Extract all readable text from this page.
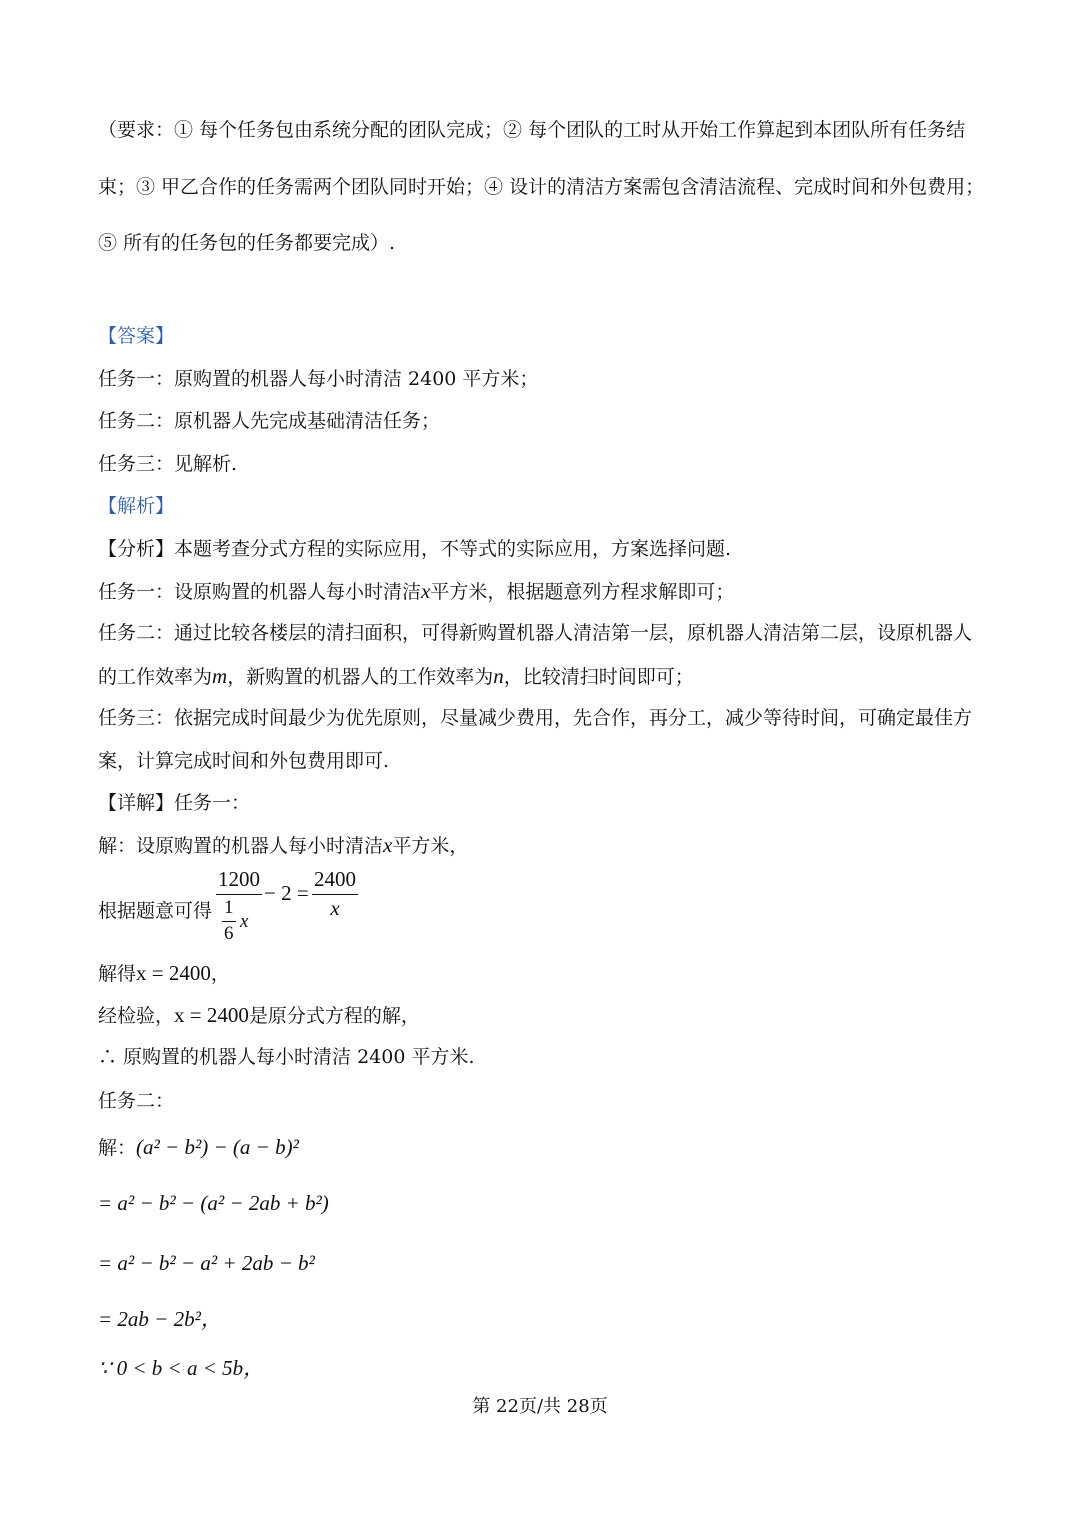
（要求：① 每个任务包由系统分配的团队完成；② 每个团队的工时从开始工作算起到本团队所有任务结
束；③ 甲乙合作的任务需两个团队同时开始；④ 设计的清洁方案需包含清洁流程、完成时间和外包费用；
⑤ 所有的任务包的任务都要完成）.
【答案】
任务一：原购置的机器人每小时清洁 2400 平方米；
任务二：原机器人先完成基础清洁任务；
任务三：见解析.
【解析】
【分析】本题考查分式方程的实际应用，不等式的实际应用，方案选择问题.
任务一：设原购置的机器人每小时清洁x平方米，根据题意列方程求解即可；
任务二：通过比较各楼层的清扫面积，可得新购置机器人清洁第一层，原机器人清洁第二层，设原机器人
的工作效率为m，新购置的机器人的工作效率为n，比较清扫时间即可；
任务三：依据完成时间最少为优先原则，尽量减少费用，先合作，再分工，减少等待时间，可确定最佳方
案，计算完成时间和外包费用即可.
【详解】任务一：
解：设原购置的机器人每小时清洁x平方米，
根据题意可得
1200
1
6
x
− 2 =
2400
x
解得x = 2400，
经检验，x = 2400是原分式方程的解，
∴ 原购置的机器人每小时清洁 2400 平方米.
任务二：
解：(a² − b²) − (a − b)²
= a² − b² − (a² − 2ab + b²)
= a² − b² − a² + 2ab − b²
= 2ab − 2b²，
∵ 0 < b < a < 5b，
第 22页/共 28页
